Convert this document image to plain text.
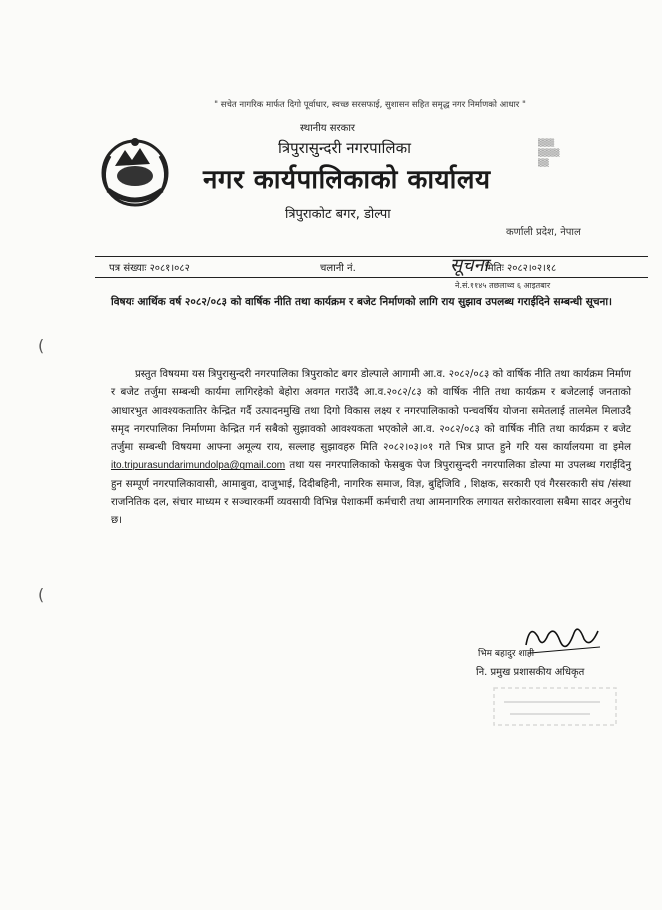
" सचेत नागरिक मार्फत दिगो पूर्वाधार, स्वच्छ सरसफाई, सुशासन सहित समृद्ध नगर निर्माणको आधार "
स्थानीय सरकार
त्रिपुरासुन्दरी नगरपालिका
नगर कार्यपालिकाको कार्यालय
त्रिपुराकोट बगर, डोल्पा
कर्णाली प्रदेश, नेपाल
▒▒▒
▒▒▒▒
▒▒
पत्र संख्याः २०८१।०८२	चलानी नं.	सूचना
मितिः २०८२।०२।१८
ने.सं.११४५ तछलाथ्व ६ आइतबार
विषयः आर्थिक वर्ष २०८२/०८३ को वार्षिक नीति तथा कार्यक्रम र बजेट निर्माणको लागि राय सुझाव उपलब्ध गराईदिने सम्बन्धी सूचना।
(
प्रस्तुत विषयमा यस त्रिपुरासुन्दरी नगरपालिका त्रिपुराकोट बगर डोल्पाले आगामी आ.व. २०८२/०८३ को वार्षिक नीति तथा कार्यक्रम निर्माण र बजेट तर्जुमा सम्बन्धी कार्यमा लागिरहेको बेहोरा अवगत गराउँदै आ.व.२०८२/८३ को वार्षिक नीति तथा कार्यक्रम र बजेटलाई जनताको आधारभुत आवश्यकतातिर केन्द्रित गर्दै उत्पादनमुखि तथा दिगो विकास लक्ष्य र नगरपालिकाको पन्चवर्षिय योजना समेतलाई तालमेल मिलाउदै समृद नगरपालिका निर्माणमा केन्द्रित गर्न सबैको सुझावको आवश्यकता भएकोले आ.व. २०८२/०८३ को वार्षिक नीति तथा कार्यक्रम र बजेट तर्जुमा सम्बन्धी विषयमा आफ्ना अमूल्य राय, सल्लाह सुझावहरु मिति २०८२।०३।०१ गते भित्र प्राप्त हुने गरि यस कार्यालयमा वा इमेल ito.tripurasundarimundolpa@gmail.com तथा यस नगरपालिकाको फेसबुक पेज त्रिपुरासुन्दरी नगरपालिका डोल्पा मा उपलब्ध गराईदिनु हुन सम्पूर्ण नगरपालिकावासी, आमाबुवा, दाजुभाई, दिदीबहिनी, नागरिक समाज, विज्ञ, बुद्दिजिवि , शिक्षक, सरकारी एवं गैरसरकारी संघ /संस्था राजनितिक दल, संचार माध्यम र सञ्चारकर्मी व्यवसायी विभिन्न पेशाकर्मी कर्मचारी तथा आमनागरिक लगायत सरोकारवाला सबैमा सादर अनुरोध छ।
(
भिम बहादुर शाही
नि. प्रमुख प्रशासकीय अधिकृत
